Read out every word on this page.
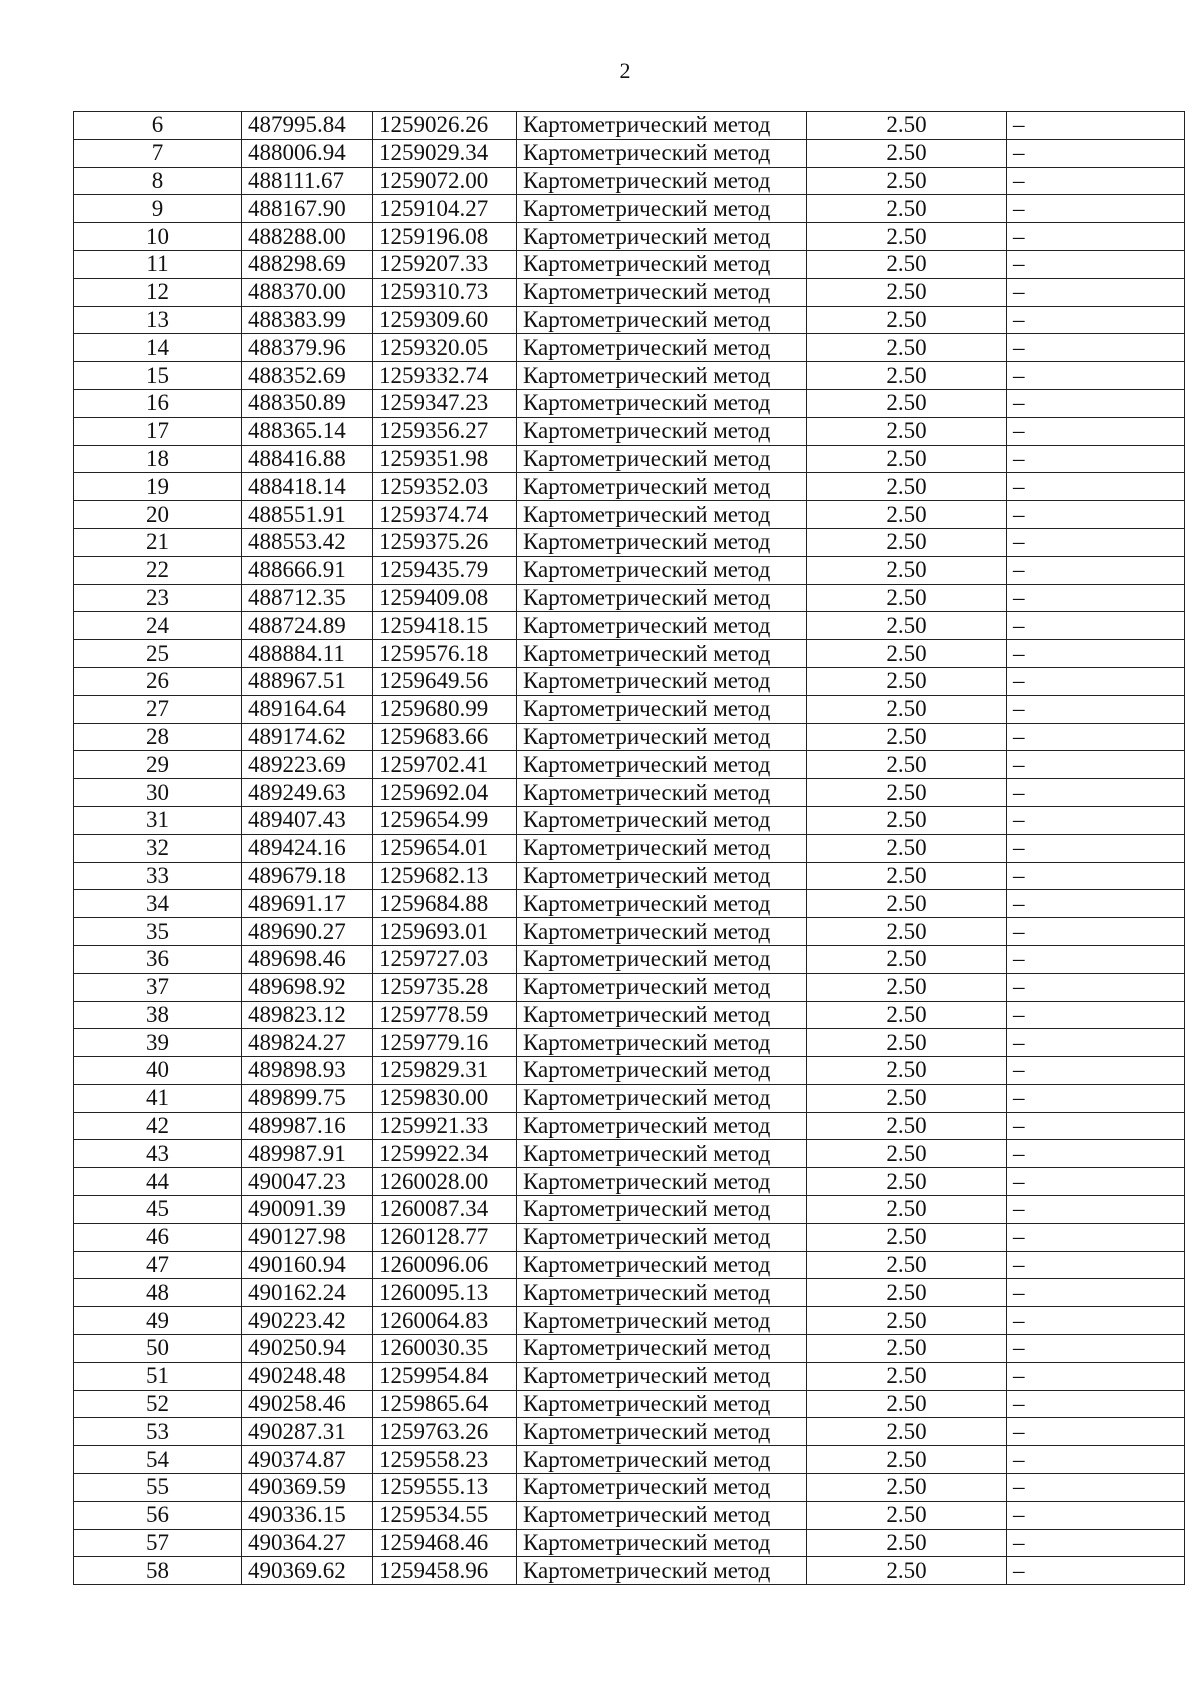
2
6	487995.84	1259026.26	Картометрический метод	2.50	–
7	488006.94	1259029.34	Картометрический метод	2.50	–
8	488111.67	1259072.00	Картометрический метод	2.50	–
9	488167.90	1259104.27	Картометрический метод	2.50	–
10	488288.00	1259196.08	Картометрический метод	2.50	–
11	488298.69	1259207.33	Картометрический метод	2.50	–
12	488370.00	1259310.73	Картометрический метод	2.50	–
13	488383.99	1259309.60	Картометрический метод	2.50	–
14	488379.96	1259320.05	Картометрический метод	2.50	–
15	488352.69	1259332.74	Картометрический метод	2.50	–
16	488350.89	1259347.23	Картометрический метод	2.50	–
17	488365.14	1259356.27	Картометрический метод	2.50	–
18	488416.88	1259351.98	Картометрический метод	2.50	–
19	488418.14	1259352.03	Картометрический метод	2.50	–
20	488551.91	1259374.74	Картометрический метод	2.50	–
21	488553.42	1259375.26	Картометрический метод	2.50	–
22	488666.91	1259435.79	Картометрический метод	2.50	–
23	488712.35	1259409.08	Картометрический метод	2.50	–
24	488724.89	1259418.15	Картометрический метод	2.50	–
25	488884.11	1259576.18	Картометрический метод	2.50	–
26	488967.51	1259649.56	Картометрический метод	2.50	–
27	489164.64	1259680.99	Картометрический метод	2.50	–
28	489174.62	1259683.66	Картометрический метод	2.50	–
29	489223.69	1259702.41	Картометрический метод	2.50	–
30	489249.63	1259692.04	Картометрический метод	2.50	–
31	489407.43	1259654.99	Картометрический метод	2.50	–
32	489424.16	1259654.01	Картометрический метод	2.50	–
33	489679.18	1259682.13	Картометрический метод	2.50	–
34	489691.17	1259684.88	Картометрический метод	2.50	–
35	489690.27	1259693.01	Картометрический метод	2.50	–
36	489698.46	1259727.03	Картометрический метод	2.50	–
37	489698.92	1259735.28	Картометрический метод	2.50	–
38	489823.12	1259778.59	Картометрический метод	2.50	–
39	489824.27	1259779.16	Картометрический метод	2.50	–
40	489898.93	1259829.31	Картометрический метод	2.50	–
41	489899.75	1259830.00	Картометрический метод	2.50	–
42	489987.16	1259921.33	Картометрический метод	2.50	–
43	489987.91	1259922.34	Картометрический метод	2.50	–
44	490047.23	1260028.00	Картометрический метод	2.50	–
45	490091.39	1260087.34	Картометрический метод	2.50	–
46	490127.98	1260128.77	Картометрический метод	2.50	–
47	490160.94	1260096.06	Картометрический метод	2.50	–
48	490162.24	1260095.13	Картометрический метод	2.50	–
49	490223.42	1260064.83	Картометрический метод	2.50	–
50	490250.94	1260030.35	Картометрический метод	2.50	–
51	490248.48	1259954.84	Картометрический метод	2.50	–
52	490258.46	1259865.64	Картометрический метод	2.50	–
53	490287.31	1259763.26	Картометрический метод	2.50	–
54	490374.87	1259558.23	Картометрический метод	2.50	–
55	490369.59	1259555.13	Картометрический метод	2.50	–
56	490336.15	1259534.55	Картометрический метод	2.50	–
57	490364.27	1259468.46	Картометрический метод	2.50	–
58	490369.62	1259458.96	Картометрический метод	2.50	–
